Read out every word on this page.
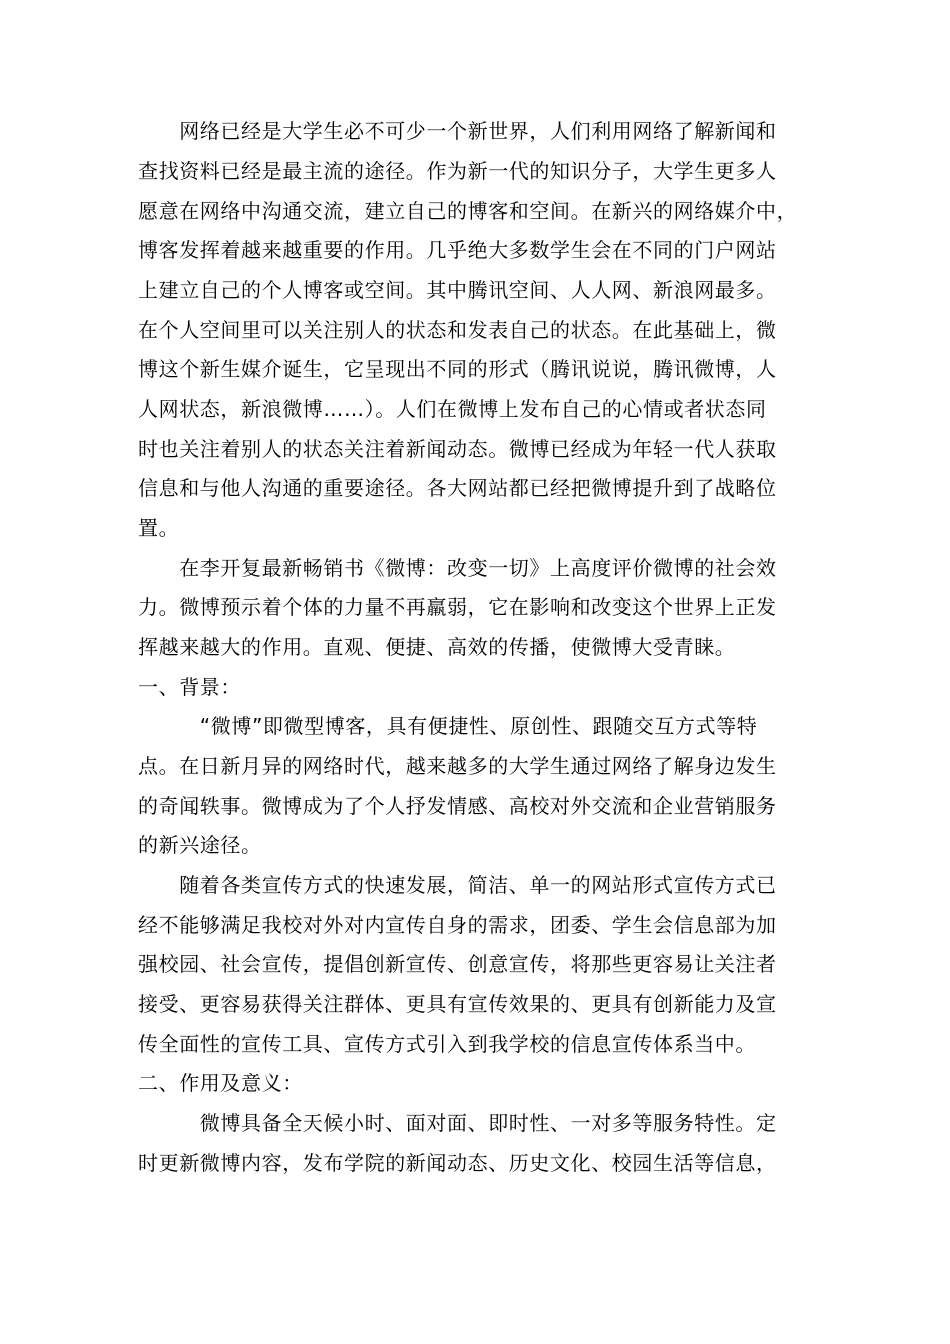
　　网络已经是大学生必不可少一个新世界，人们利用网络了解新闻和
查找资料已经是最主流的途径。作为新一代的知识分子，大学生更多人
愿意在网络中沟通交流，建立自己的博客和空间。在新兴的网络媒介中，
博客发挥着越来越重要的作用。几乎绝大多数学生会在不同的门户网站
上建立自己的个人博客或空间。其中腾讯空间、人人网、新浪网最多。
在个人空间里可以关注别人的状态和发表自己的状态。在此基础上，微
博这个新生媒介诞生，它呈现出不同的形式（腾讯说说，腾讯微博，人
人网状态，新浪微博……）。人们在微博上发布自己的心情或者状态同
时也关注着别人的状态关注着新闻动态。微博已经成为年轻一代人获取
信息和与他人沟通的重要途径。各大网站都已经把微博提升到了战略位
置。
　　在李开复最新畅销书《微博：改变一切》上高度评价微博的社会效
力。微博预示着个体的力量不再羸弱，它在影响和改变这个世界上正发
挥越来越大的作用。直观、便捷、高效的传播，使微博大受青睐。
一、背景：
　　　“微博”即微型博客，具有便捷性、原创性、跟随交互方式等特
点。在日新月异的网络时代，越来越多的大学生通过网络了解身边发生
的奇闻轶事。微博成为了个人抒发情感、高校对外交流和企业营销服务
的新兴途径。
　　随着各类宣传方式的快速发展，简洁、单一的网站形式宣传方式已
经不能够满足我校对外对内宣传自身的需求，团委、学生会信息部为加
强校园、社会宣传，提倡创新宣传、创意宣传，将那些更容易让关注者
接受、更容易获得关注群体、更具有宣传效果的、更具有创新能力及宣
传全面性的宣传工具、宣传方式引入到我学校的信息宣传体系当中。
二、作用及意义：
　　　微博具备全天候小时、面对面、即时性、一对多等服务特性。定
时更新微博内容，发布学院的新闻动态、历史文化、校园生活等信息，
